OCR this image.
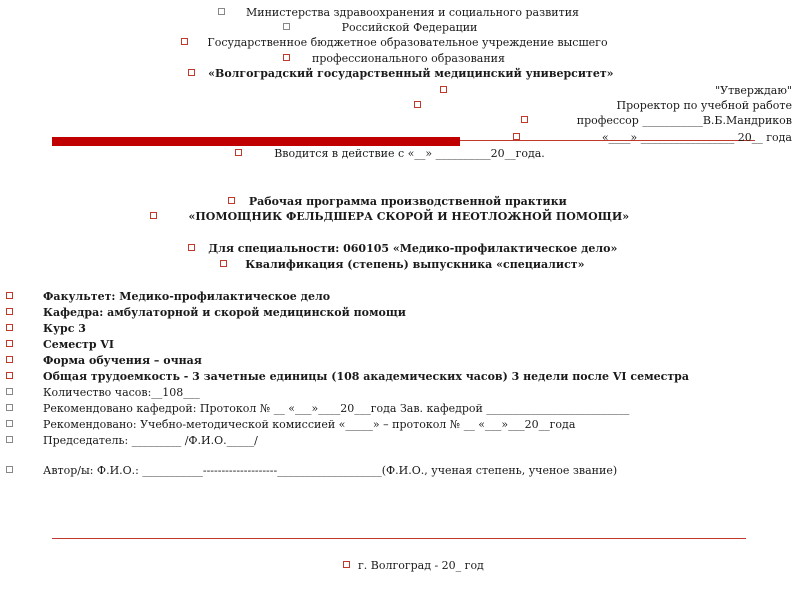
Министерства здравоохранения и социального развития
Российской Федерации
Государственное бюджетное образовательное учреждение высшего
профессионального образования
«Волгоградский государственный медицинский университет»
"Утверждаю"
Проректор по учебной работе
профессор ___________В.Б.Мандриков
«____» _________________ 20__ года
Вводится в действие с «__» __________20__года.
Рабочая программа производственной практики
«ПОМОЩНИК ФЕЛЬДШЕРА СКОРОЙ И НЕОТЛОЖНОЙ ПОМОЩИ»
Для специальности: 060105 «Медико-профилактическое дело»
Квалификация (степень) выпускника «специалист»
Факультет: Медико-профилактическое дело
Кафедра: амбулаторной и скорой медицинской помощи
Курс 3
Семестр VI
Форма обучения – очная
Общая трудоемкость - 3 зачетные единицы (108 академических часов) 3 недели после VI семестра
Количество часов:__108___
Рекомендовано кафедрой: Протокол № __ «___»____20___года Зав. кафедрой __________________________
Рекомендовано: Учебно-методической комиссией «_____» – протокол № __ «___»___20__года
Председатель: _________ /Ф.И.О._____/
Автор/ы: Ф.И.О.: ___________--------------------___________________(Ф.И.О., ученая степень, ученое звание)
г. Волгоград - 20_ год
